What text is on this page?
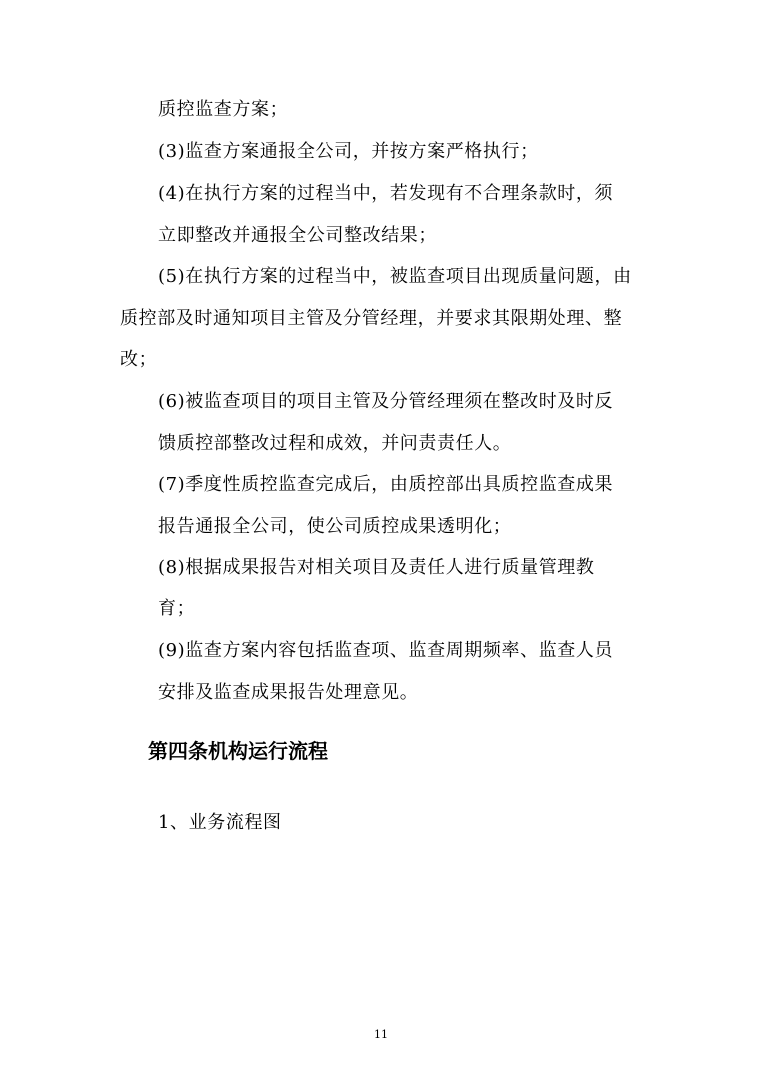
质控监查方案；
(3)监查方案通报全公司，并按方案严格执行；
(4)在执行方案的过程当中，若发现有不合理条款时，须
立即整改并通报全公司整改结果；
(5)在执行方案的过程当中，被监查项目出现质量问题，由
质控部及时通知项目主管及分管经理，并要求其限期处理、整
改；
(6)被监查项目的项目主管及分管经理须在整改时及时反
馈质控部整改过程和成效，并问责责任人。
(7)季度性质控监查完成后，由质控部出具质控监查成果
报告通报全公司，使公司质控成果透明化；
(8)根据成果报告对相关项目及责任人进行质量管理教
育；
(9)监查方案内容包括监查项、监查周期频率、监查人员
安排及监查成果报告处理意见。
第四条机构运行流程
1、业务流程图
11
